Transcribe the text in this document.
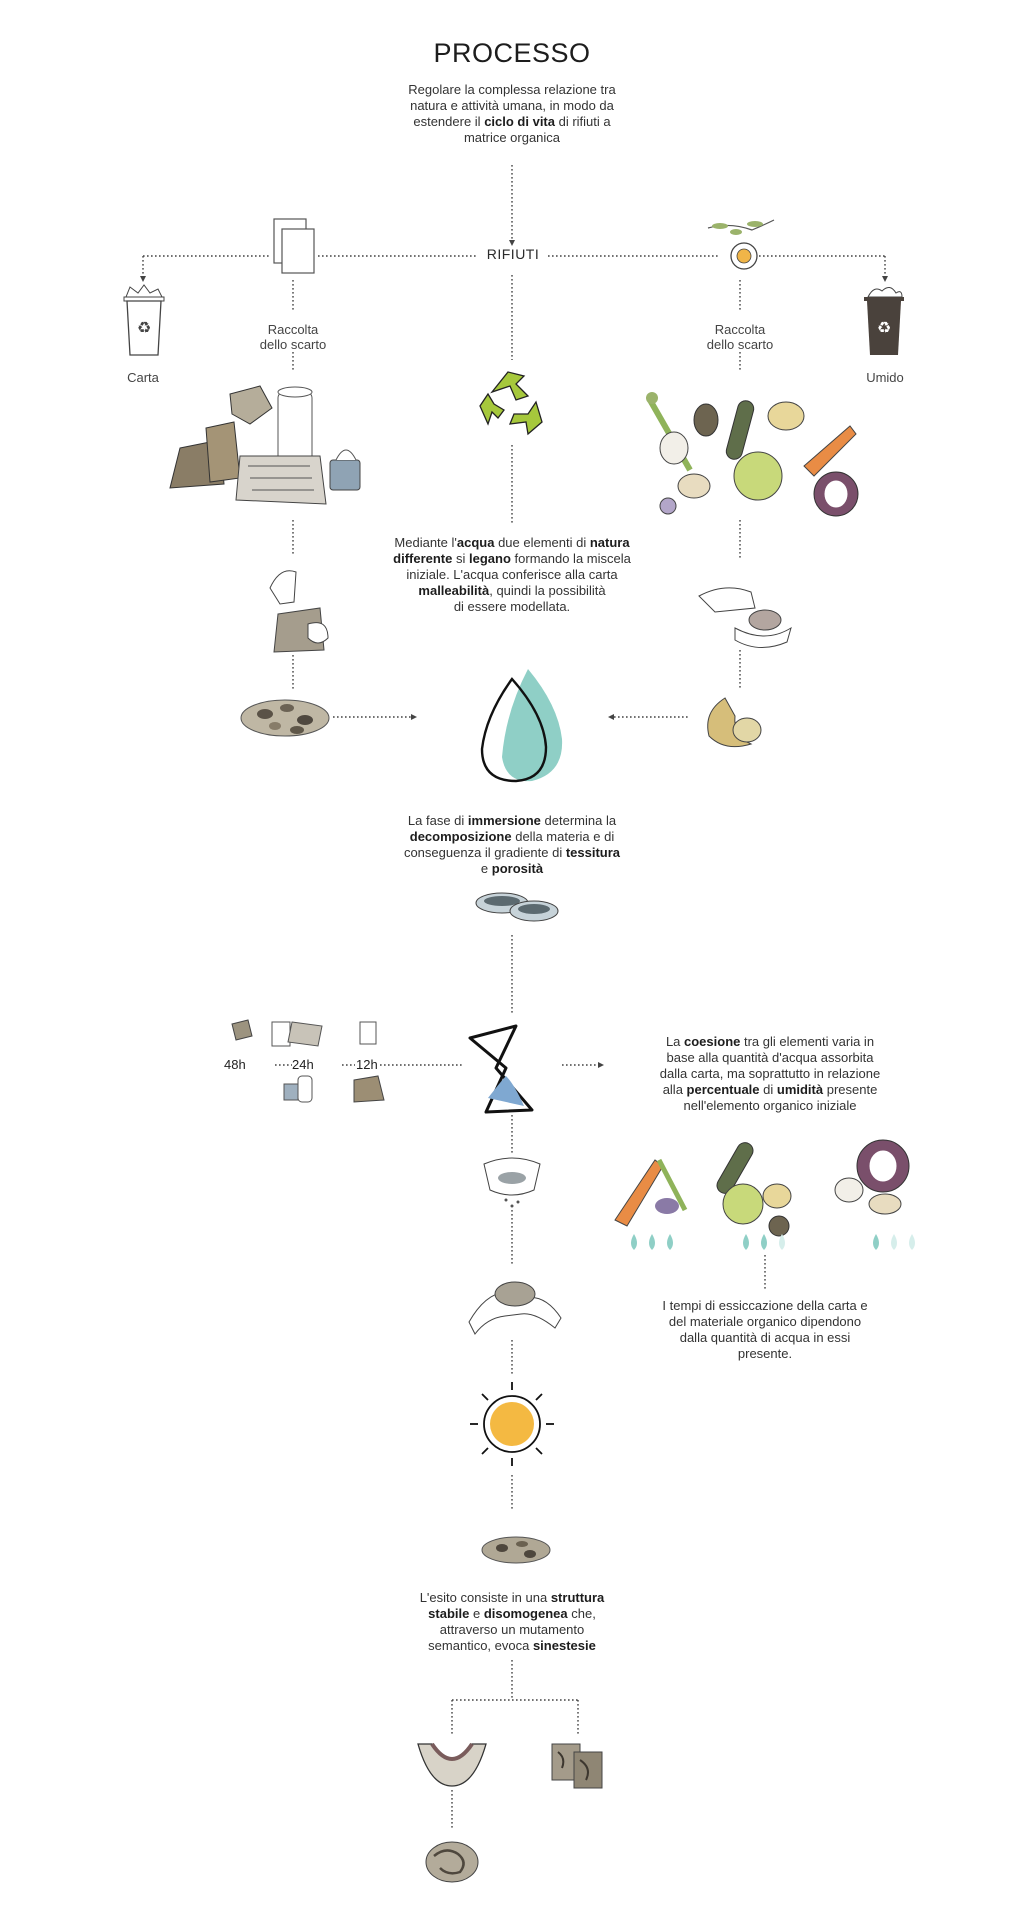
PROCESSO
Regolare la complessa relazione tra
natura e attività umana, in modo da
estendere il ciclo di vita di rifiuti a
matrice organica
RIFIUTI
♻
Carta
♻
Umido
Raccolta
dello scarto
Raccolta
dello scarto
Mediante l'acqua due elementi di natura
differente si legano formando la miscela
iniziale. L'acqua conferisce alla carta
malleabilità, quindi la possibilità
di essere modellata.
La fase di immersione determina la
decomposizione della materia e di
conseguenza il gradiente di tessitura
e porosità
48h	24h	12h
La coesione tra gli elementi varia in
base alla quantità d'acqua assorbita
dalla carta, ma soprattutto in relazione
alla percentuale di umidità presente
nell'elemento organico iniziale
I tempi di essiccazione della carta e
del materiale organico dipendono
dalla quantità di acqua in essi
presente.
L'esito consiste in una struttura
stabile e disomogenea che,
attraverso un mutamento
semantico, evoca sinestesie
